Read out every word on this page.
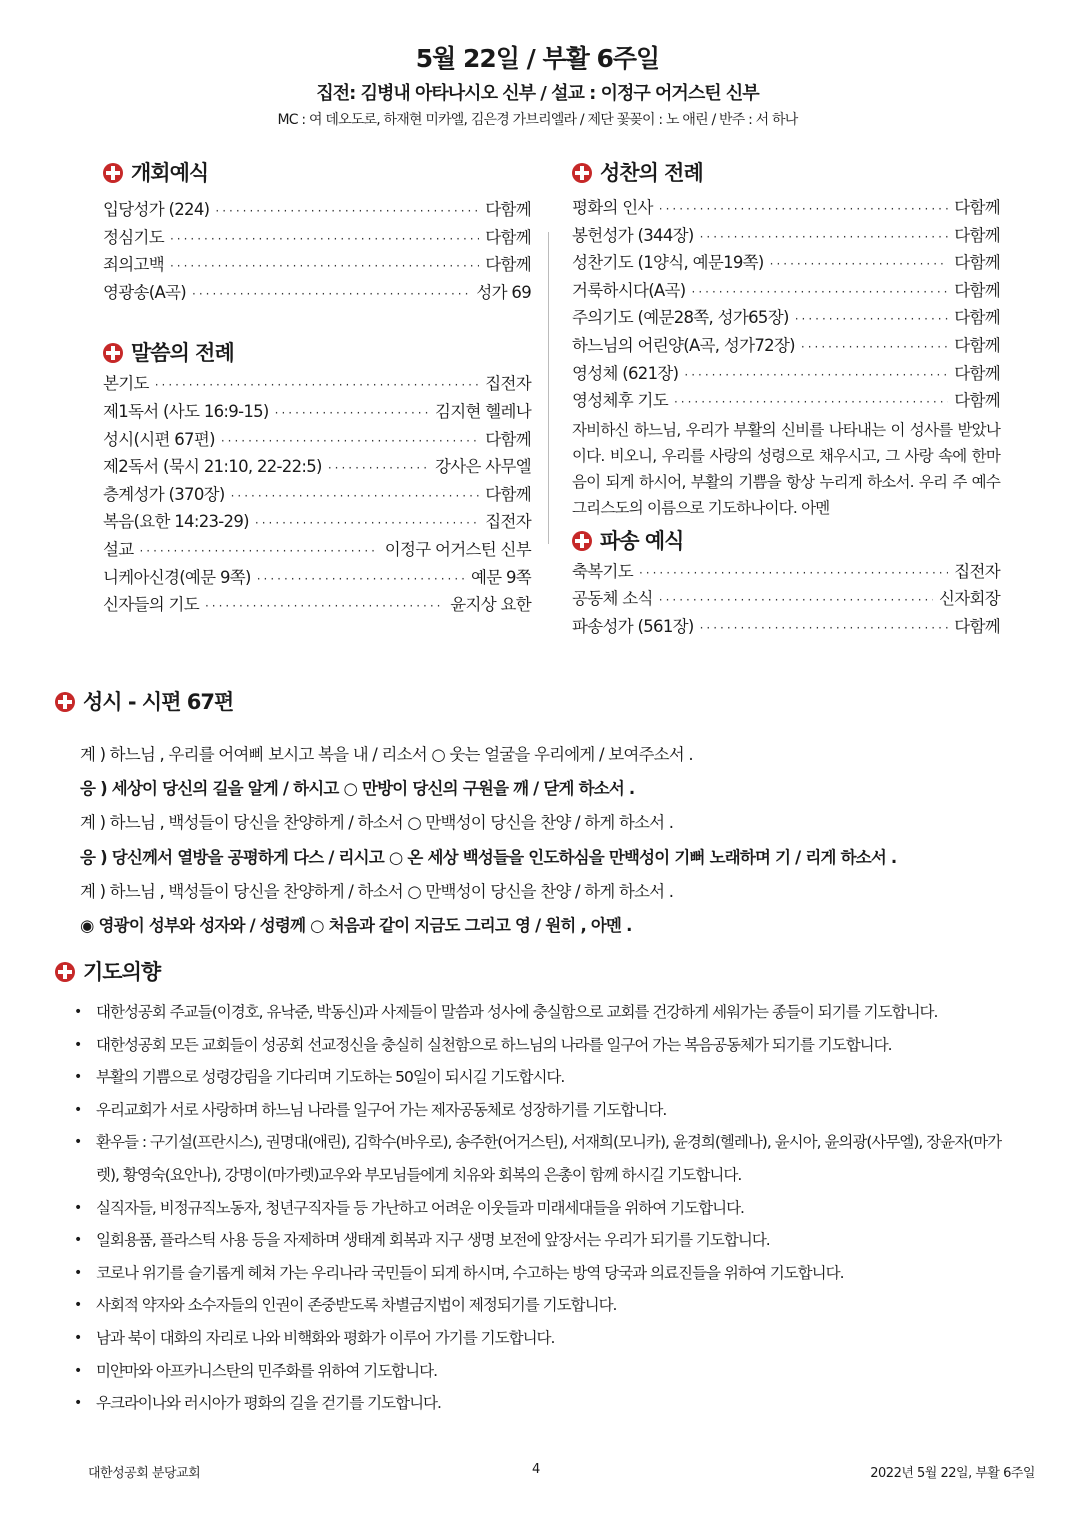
5월 22일 / 부활 6주일
집전: 김병내 아타나시오 신부 / 설교 : 이정구 어거스틴 신부
MC : 여 데오도로, 하재현 미카엘, 김은경 가브리엘라 / 제단 꽃꽂이 : 노 애린 / 반주 : 서 하나
개회예식
입당성가 (224) ·····	다함께
정심기도 ·····	다함께
죄의고백 ·····	다함께
영광송(A곡) ·····	성가 69
말씀의 전례
본기도 ·····	집전자
제1독서 (사도 16:9-15) ·····	김지현 헬레나
성시(시편 67편) ·····	다함께
제2독서 (묵시 21:10, 22-22:5) ·····	강사은 사무엘
층계성가 (370장) ·····	다함께
복음(요한 14:23-29) ·····	집전자
설교 ·····	이정구 어거스틴 신부
니케아신경(예문 9쪽) ·····	예문 9쪽
신자들의 기도 ·····	윤지상 요한
성찬의 전례
평화의 인사 ·····	다함께
봉헌성가 (344장) ·····	다함께
성찬기도 (1양식, 예문19쪽) ·····	다함께
거룩하시다(A곡) ·····	다함께
주의기도 (예문28쪽, 성가65장) ·····	다함께
하느님의 어린양(A곡, 성가72장) ·····	다함께
영성체 (621장) ·····	다함께
영성체후 기도 ·····	다함께
자비하신 하느님, 우리가 부활의 신비를 나타내는 이 성사를 받았나이다. 비오니, 우리를 사랑의 성령으로 채우시고, 그 사랑 속에 한마음이 되게 하시어, 부활의 기쁨을 항상 누리게 하소서. 우리 주 예수 그리스도의 이름으로 기도하나이다. 아멘
파송 예식
축복기도 ·····	집전자
공동체 소식 ·····	신자회장
파송성가 (561장) ·····	다함께
성시 - 시편 67편
계 ) 하느님 , 우리를 어여삐 보시고 복을 내 / 리소서 ○ 웃는 얼굴을 우리에게 / 보여주소서 .
응 ) 세상이 당신의 길을 알게 / 하시고 ○ 만방이 당신의 구원을 깨 / 닫게 하소서 .
계 ) 하느님 , 백성들이 당신을 찬양하게 / 하소서 ○ 만백성이 당신을 찬양 / 하게 하소서 .
응 ) 당신께서 열방을 공평하게 다스 / 리시고 ○ 온 세상 백성들을 인도하심을 만백성이 기뻐 노래하며 기 / 리게 하소서 .
계 ) 하느님 , 백성들이 당신을 찬양하게 / 하소서 ○ 만백성이 당신을 찬양 / 하게 하소서 .
◉ 영광이 성부와 성자와 / 성령께 ○ 처음과 같이 지금도 그리고 영 / 원히 , 아멘 .
기도의향
• 대한성공회 주교들(이경호, 유낙준, 박동신)과 사제들이 말씀과 성사에 충실함으로 교회를 건강하게 세워가는 종들이 되기를 기도합니다.
• 대한성공회 모든 교회들이 성공회 선교정신을 충실히 실천함으로 하느님의 나라를 일구어 가는 복음공동체가 되기를 기도합니다.
• 부활의 기쁨으로 성령강림을 기다리며 기도하는 50일이 되시길 기도합시다.
• 우리교회가 서로 사랑하며 하느님 나라를 일구어 가는 제자공동체로 성장하기를 기도합니다.
• 환우들 : 구기설(프란시스), 권명대(애린), 김학수(바우로), 송주한(어거스틴), 서재희(모니카), 윤경희(헬레나), 윤시아, 윤의광(사무엘), 장윤자(마가렛), 황영숙(요안나), 강명이(마가렛)교우와 부모님들에게 치유와 회복의 은총이 함께 하시길 기도합니다.
• 실직자들, 비정규직노동자, 청년구직자들 등 가난하고 어려운 이웃들과 미래세대들을 위하여 기도합니다.
• 일회용품, 플라스틱 사용 등을 자제하며 생태계 회복과 지구 생명 보전에 앞장서는 우리가 되기를 기도합니다.
• 코로나 위기를 슬기롭게 헤쳐 가는 우리나라 국민들이 되게 하시며, 수고하는 방역 당국과 의료진들을 위하여 기도합니다.
• 사회적 약자와 소수자들의 인권이 존중받도록 차별금지법이 제정되기를 기도합니다.
• 남과 북이 대화의 자리로 나와 비핵화와 평화가 이루어 가기를 기도합니다.
• 미얀마와 아프카니스탄의 민주화를 위하여 기도합니다.
• 우크라이나와 러시아가 평화의 길을 걷기를 기도합니다.
대한성공회 분당교회	4	2022년 5월 22일, 부활 6주일
